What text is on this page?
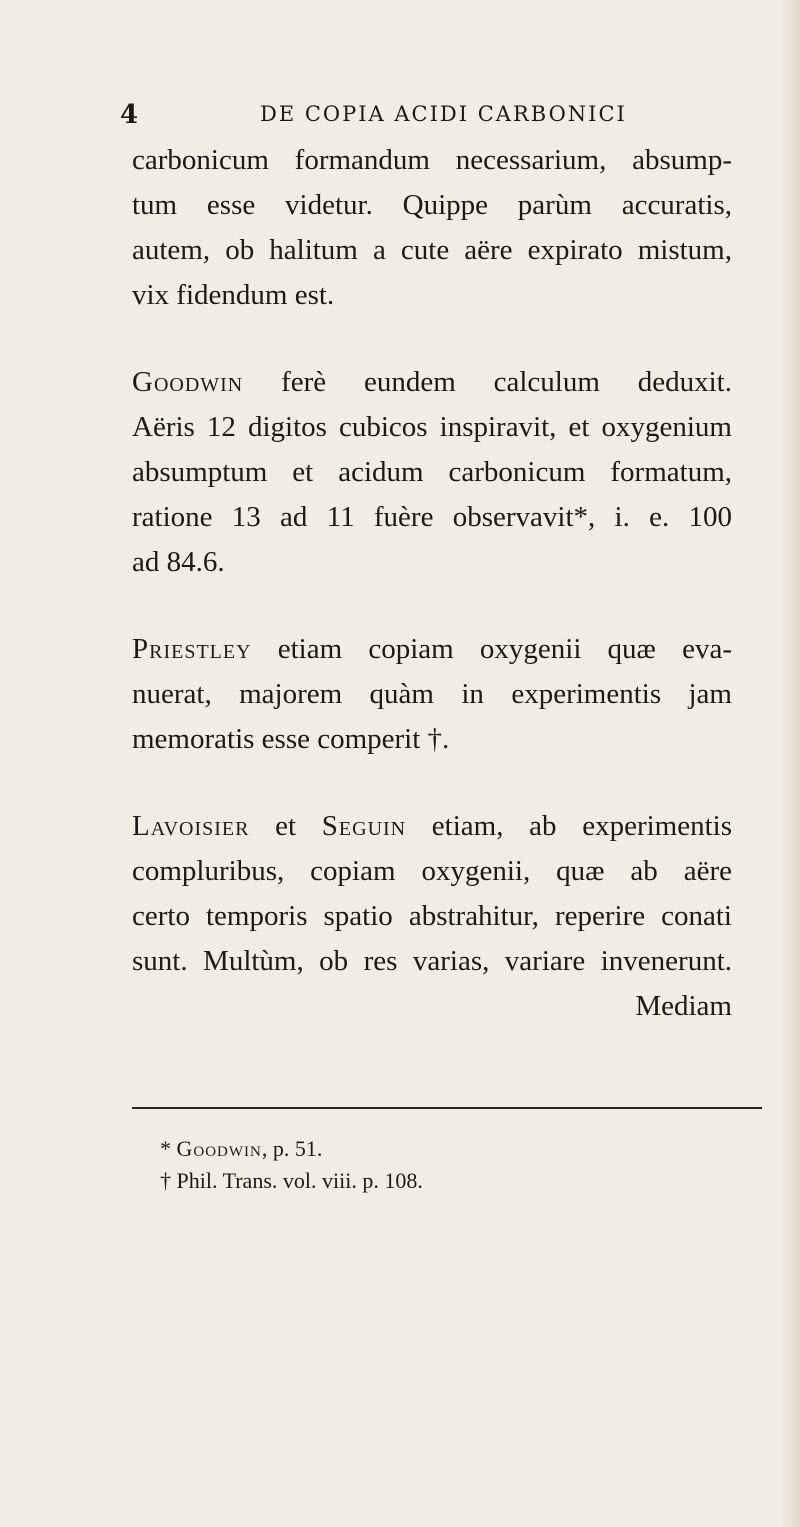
4	DE COPIA ACIDI CARBONICI
carbonicum formandum necessarium, absump-
tum esse videtur. Quippe parùm accuratis,
autem, ob halitum a cute aëre expirato mistum,
vix fidendum est.
Goodwin ferè eundem calculum deduxit.
Aëris 12 digitos cubicos inspiravit, et oxygenium
absumptum et acidum carbonicum formatum,
ratione 13 ad 11 fuère observavit*, i. e. 100
ad 84.6.
Priestley etiam copiam oxygenii quæ eva-
nuerat, majorem quàm in experimentis jam
memoratis esse comperit †.
Lavoisier et Seguin etiam, ab experimentis
compluribus, copiam oxygenii, quæ ab aëre
certo temporis spatio abstrahitur, reperire conati
sunt. Multùm, ob res varias, variare invenerunt.
Mediam
* Goodwin, p. 51.
† Phil. Trans. vol. viii. p. 108.
